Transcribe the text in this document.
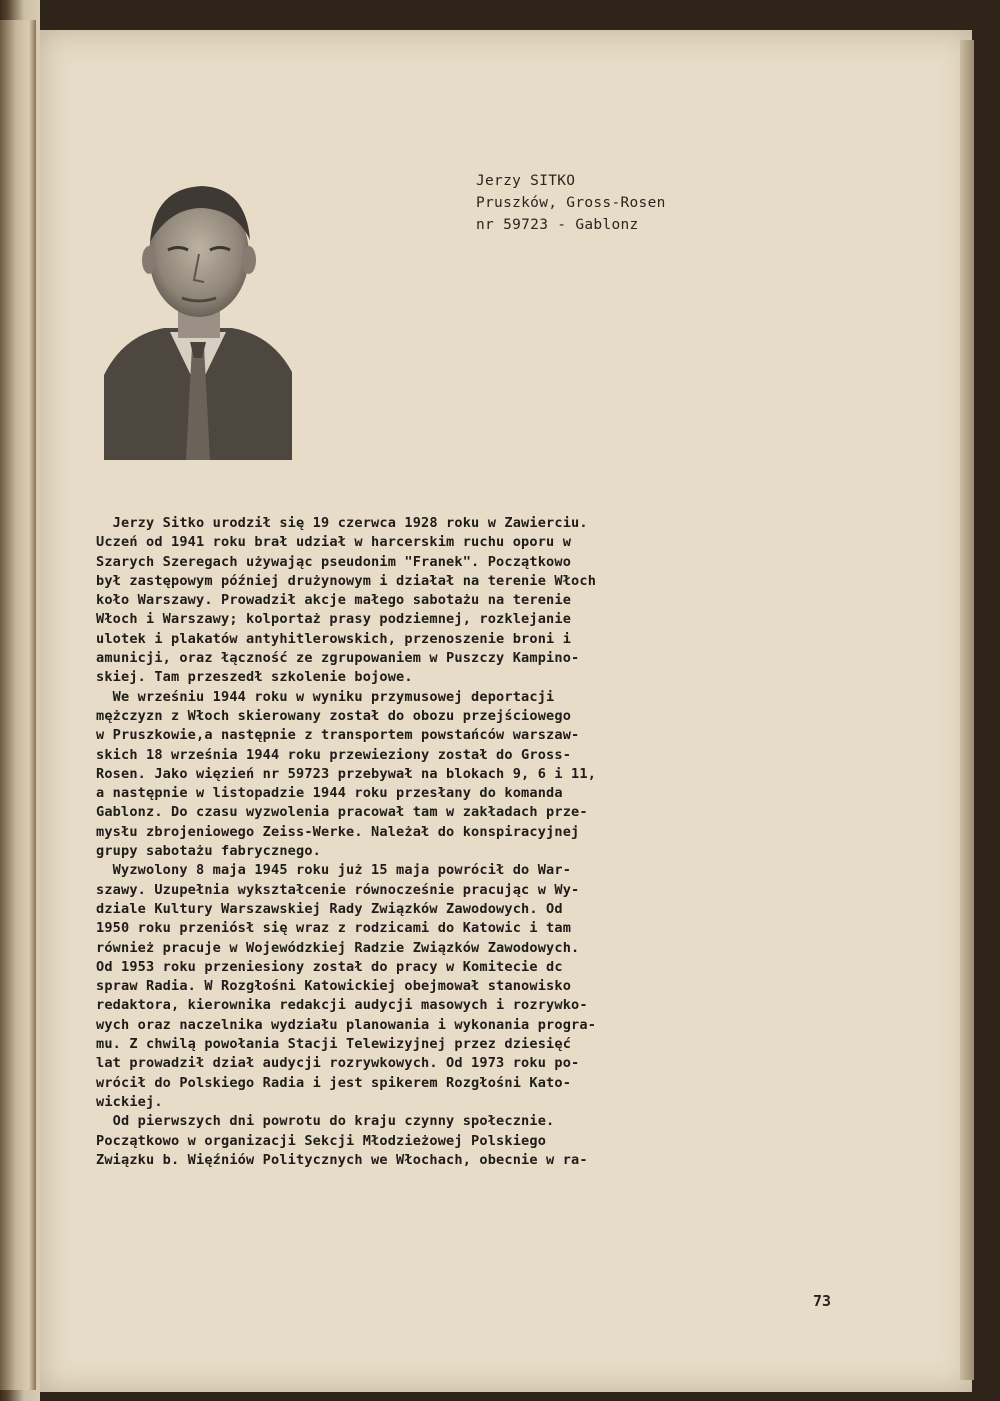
Jerzy SITKO
Pruszków, Gross-Rosen
nr 59723 - Gablonz

Jerzy Sitko urodził się 19 czerwca 1928 roku w Zawierciu.

Uczeń od 1941 roku brał udział w harcerskim ruchu oporu w

Szarych Szeregach używając pseudonim "Franek". Początkowo

był zastępowym później drużynowym i działał na terenie Włoch

koło Warszawy. Prowadził akcje małego sabotażu na terenie

Włoch i Warszawy; kolportaż prasy podziemnej, rozklejanie

ulotek i plakatów antyhitlerowskich, przenoszenie broni i

amunicji, oraz łączność ze zgrupowaniem w Puszczy Kampino-

skiej. Tam przeszedł szkolenie bojowe.

We wrześniu 1944 roku w wyniku przymusowej deportacji

mężczyzn z Włoch skierowany został do obozu przejściowego

w Pruszkowie,a następnie z transportem powstańców warszaw-

skich 18 września 1944 roku przewieziony został do Gross-

Rosen. Jako więzień nr 59723 przebywał na blokach 9, 6 i 11,

a następnie w listopadzie 1944 roku przesłany do komanda

Gablonz. Do czasu wyzwolenia pracował tam w zakładach prze-

mysłu zbrojeniowego Zeiss-Werke. Należał do konspiracyjnej

grupy sabotażu fabrycznego.

Wyzwolony 8 maja 1945 roku już 15 maja powrócił do War-

szawy. Uzupełnia wykształcenie równocześnie pracując w Wy-

dziale Kultury Warszawskiej Rady Związków Zawodowych. Od

1950 roku przeniósł się wraz z rodzicami do Katowic i tam

również pracuje w Wojewódzkiej Radzie Związków Zawodowych.

Od 1953 roku przeniesiony został do pracy w Komitecie dc

spraw Radia. W Rozgłośni Katowickiej obejmował stanowisko

redaktora, kierownika redakcji audycji masowych i rozrywko-

wych oraz naczelnika wydziału planowania i wykonania progra-

mu. Z chwilą powołania Stacji Telewizyjnej przez dziesięć

lat prowadził dział audycji rozrywkowych. Od 1973 roku po-

wrócił do Polskiego Radia i jest spikerem Rozgłośni Kato-

wickiej.

Od pierwszych dni powrotu do kraju czynny społecznie.

Początkowo w organizacji Sekcji Młodzieżowej Polskiego

Związku b. Więźniów Politycznych we Włochach, obecnie w ra-

73
